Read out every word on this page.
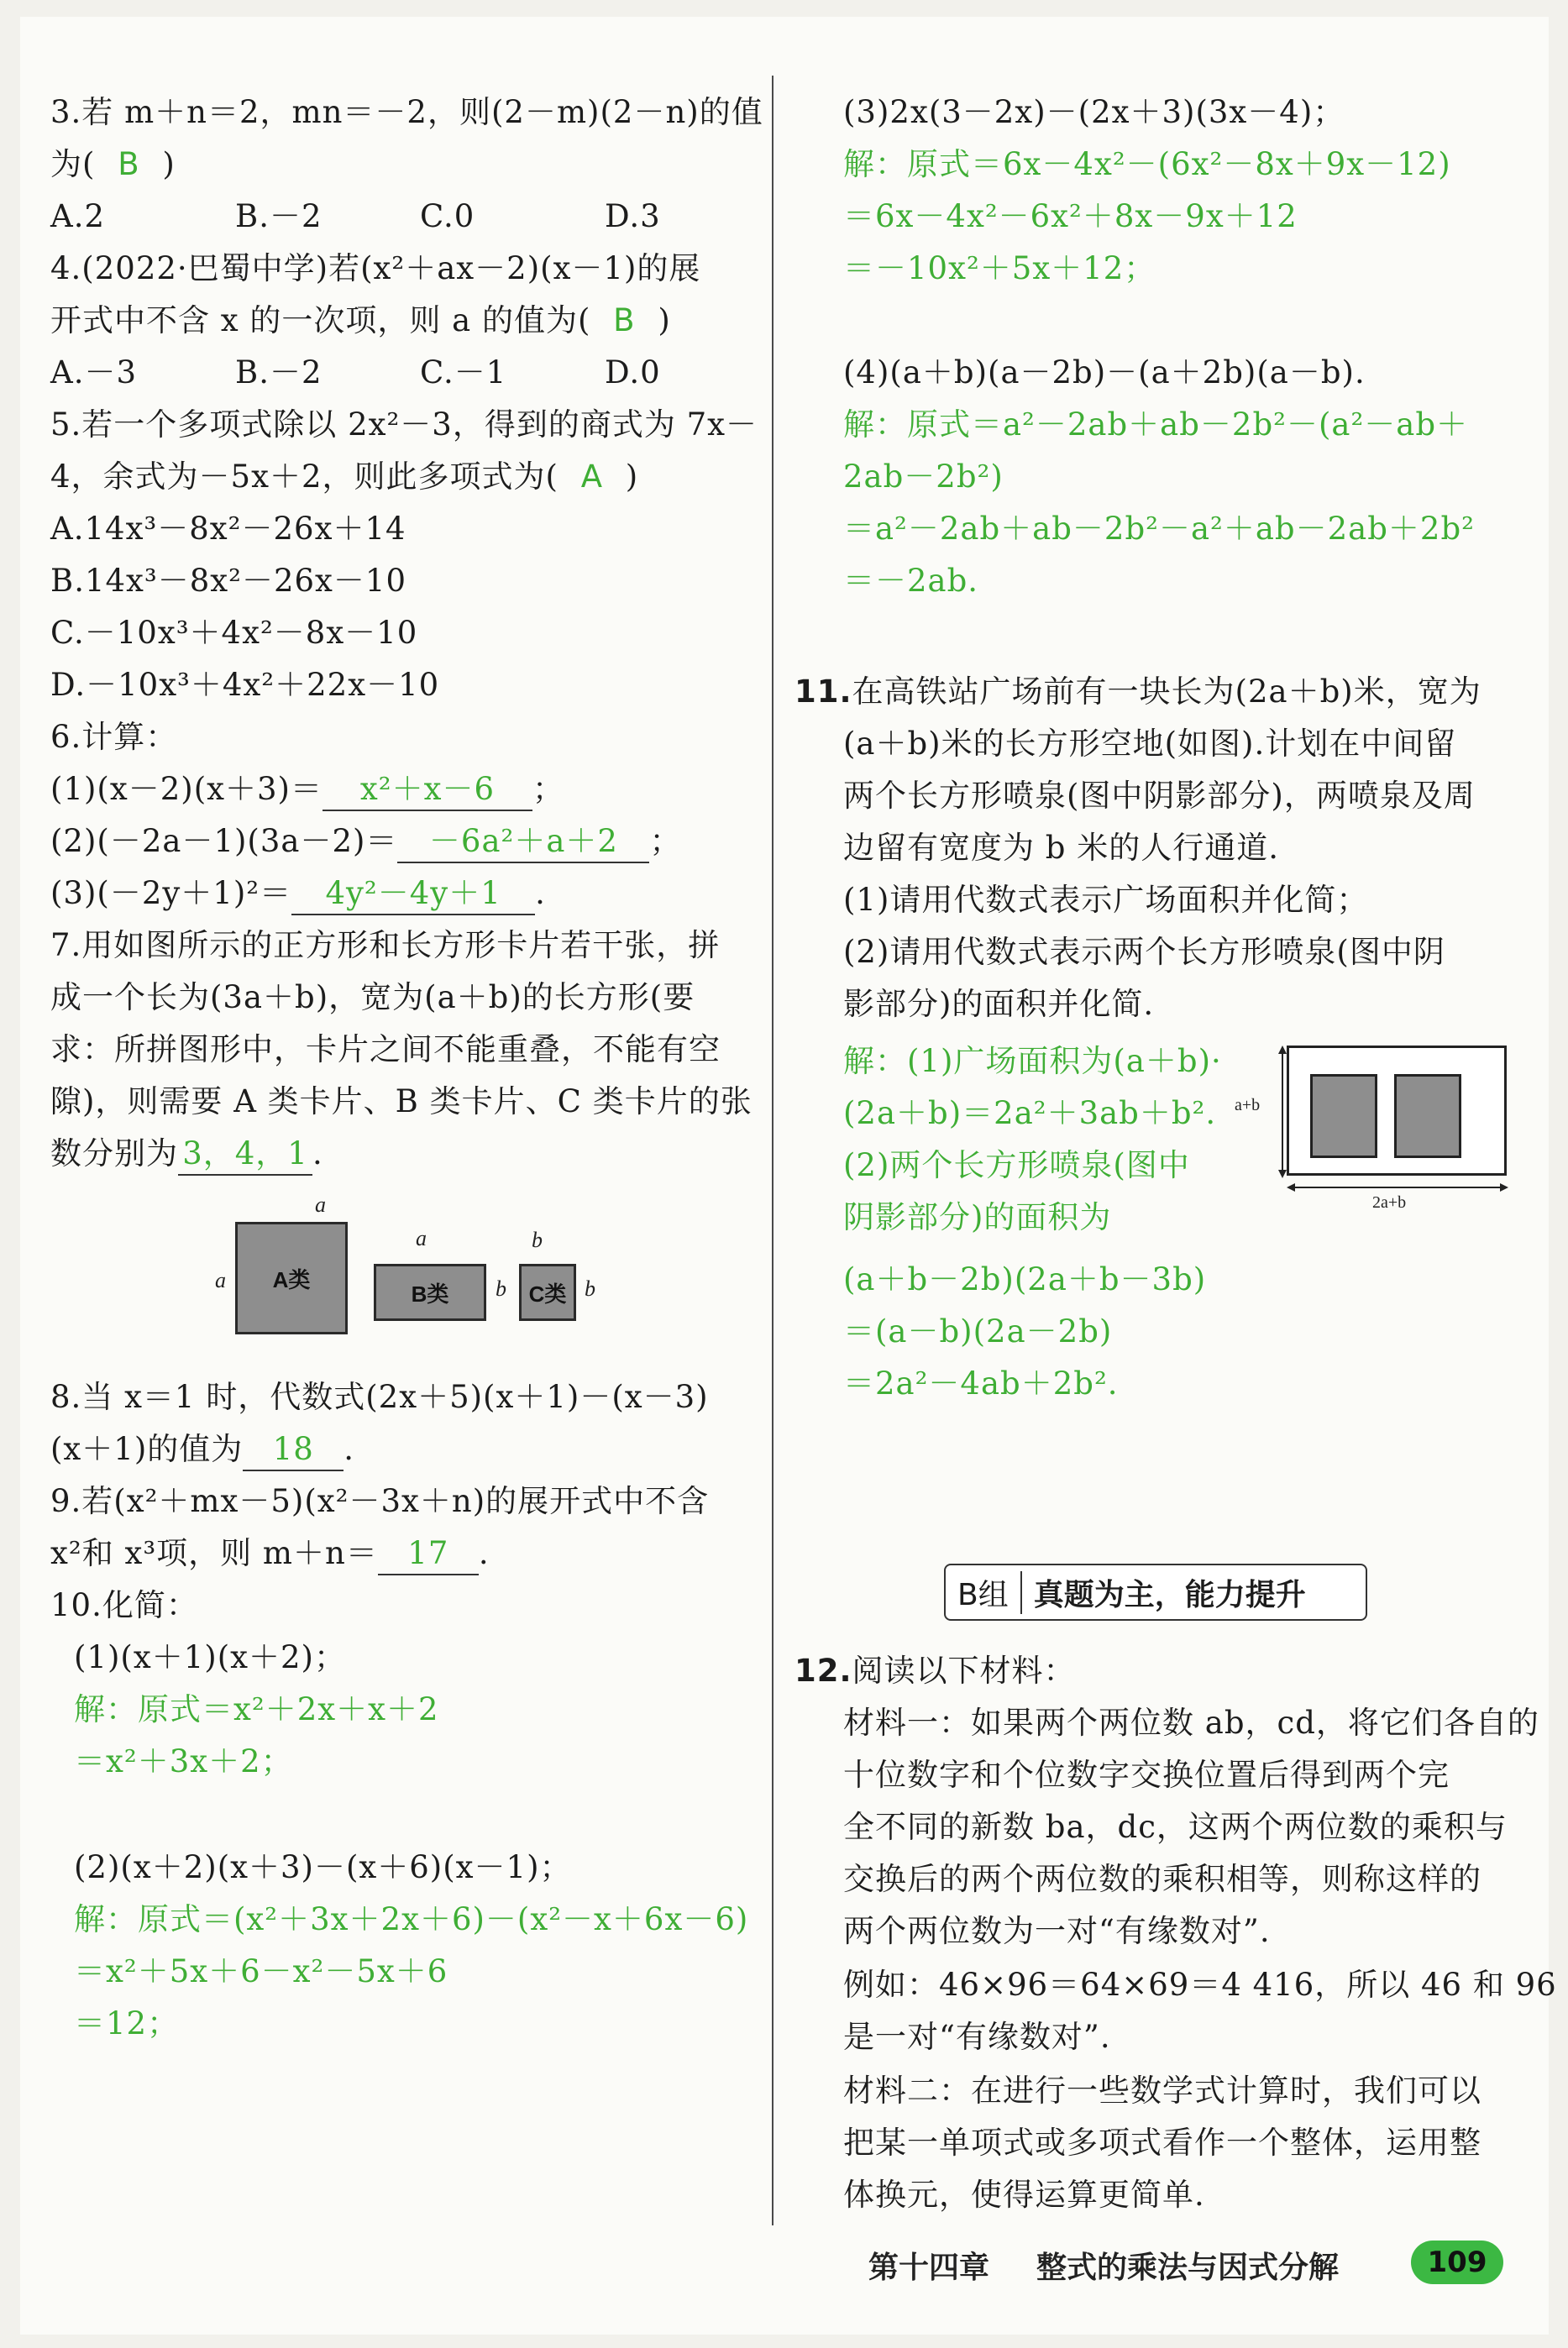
3.若 m＋n＝2，mn＝－2，则(2－m)(2－n)的值
为( B )
A.2	B.－2	C.0	D.3
4.(2022·巴蜀中学)若(x²＋ax－2)(x－1)的展
开式中不含 x 的一次项，则 a 的值为( B )
A.－3	B.－2	C.－1	D.0
5.若一个多项式除以 2x²－3，得到的商式为 7x－
4，余式为－5x＋2，则此多项式为( A )
A.14x³－8x²－26x＋14
B.14x³－8x²－26x－10
C.－10x³＋4x²－8x－10
D.－10x³＋4x²＋22x－10
6.计算：
(1)(x－2)(x＋3)＝ x²＋x－6 ；
(2)(－2a－1)(3a－2)＝ －6a²＋a＋2 ；
(3)(－2y＋1)²＝ 4y²－4y＋1 .
7.用如图所示的正方形和长方形卡片若干张，拼
成一个长为(3a＋b)，宽为(a＋b)的长方形(要
求：所拼图形中，卡片之间不能重叠，不能有空
隙)，则需要 A 类卡片、B 类卡片、C 类卡片的张
数分别为 3，4，1 .
a
a A类
a
B类 b
b
C类 b
8.当 x＝1 时，代数式(2x＋5)(x＋1)－(x－3)
(x＋1)的值为 18 .
9.若(x²＋mx－5)(x²－3x＋n)的展开式中不含
x²和 x³项，则 m＋n＝ 17 .
10.化简：
(1)(x＋1)(x＋2)；
解：原式＝x²＋2x＋x＋2
＝x²＋3x＋2；
(2)(x＋2)(x＋3)－(x＋6)(x－1)；
解：原式＝(x²＋3x＋2x＋6)－(x²－x＋6x－6)
＝x²＋5x＋6－x²－5x＋6
＝12；
(3)2x(3－2x)－(2x＋3)(3x－4)；
解：原式＝6x－4x²－(6x²－8x＋9x－12)
＝6x－4x²－6x²＋8x－9x＋12
＝－10x²＋5x＋12；
(4)(a＋b)(a－2b)－(a＋2b)(a－b).
解：原式＝a²－2ab＋ab－2b²－(a²－ab＋
2ab－2b²)
＝a²－2ab＋ab－2b²－a²＋ab－2ab＋2b²
＝－2ab.
11.在高铁站广场前有一块长为(2a＋b)米，宽为
(a＋b)米的长方形空地(如图).计划在中间留
两个长方形喷泉(图中阴影部分)，两喷泉及周
边留有宽度为 b 米的人行通道.
(1)请用代数式表示广场面积并化简；
(2)请用代数式表示两个长方形喷泉(图中阴
影部分)的面积并化简.
解：(1)广场面积为(a＋b)·
(2a＋b)＝2a²＋3ab＋b².
(2)两个长方形喷泉(图中
阴影部分)的面积为
(a＋b－2b)(2a＋b－3b)
＝(a－b)(2a－2b)
＝2a²－4ab＋2b².
a+b
2a+b
B组 真题为主，能力提升
12.阅读以下材料：
材料一：如果两个两位数 ab，cd，将它们各自的
十位数字和个位数字交换位置后得到两个完
全不同的新数 ba，dc，这两个两位数的乘积与
交换后的两个两位数的乘积相等，则称这样的
两个两位数为一对“有缘数对”.
例如：46×96＝64×69＝4 416，所以 46 和 96
是一对“有缘数对”.
材料二：在进行一些数学式计算时，我们可以
把某一单项式或多项式看作一个整体，运用整
体换元，使得运算更简单.
第十四章 整式的乘法与因式分解	109
